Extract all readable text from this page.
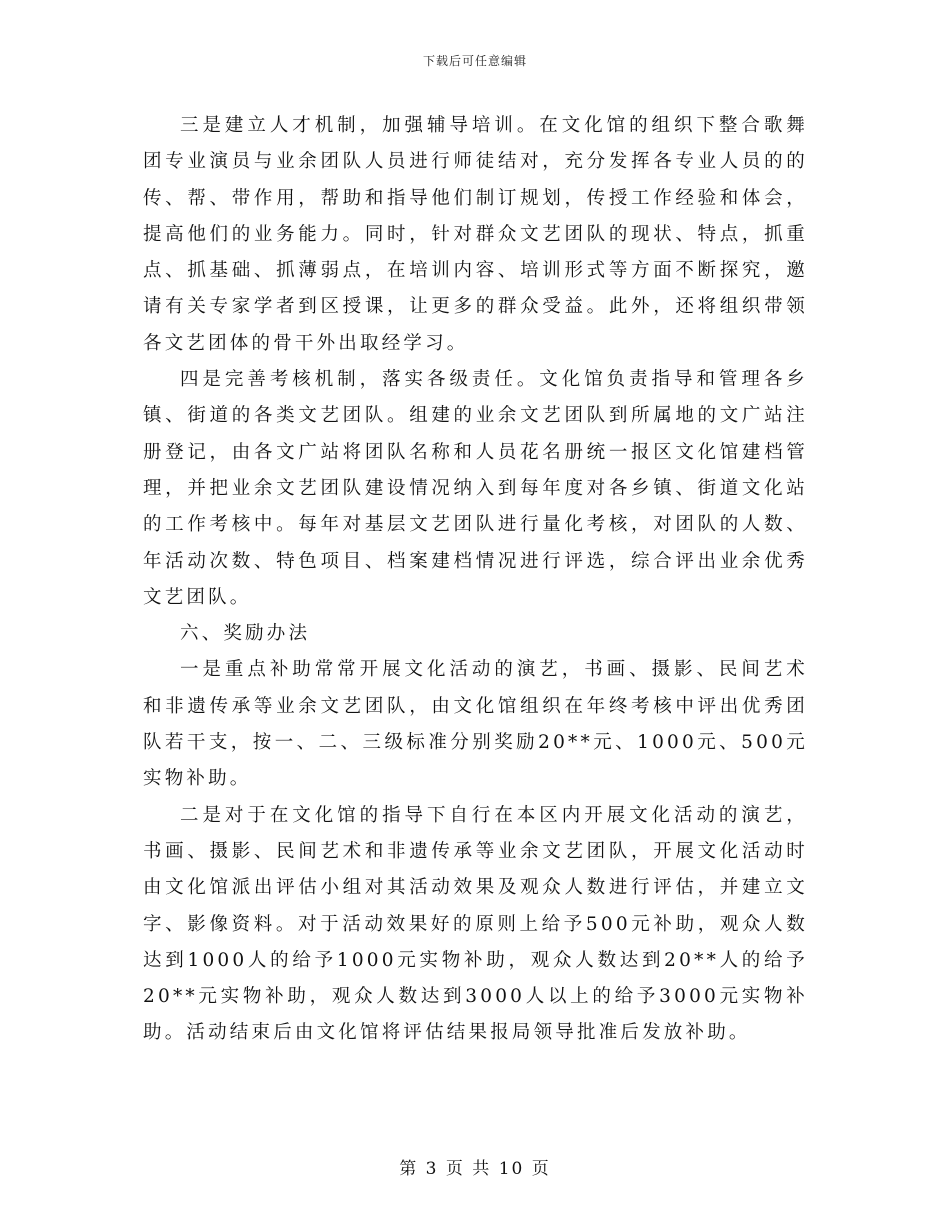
下载后可任意编辑

三是建立人才机制，加强辅导培训。在文化馆的组织下整合歌舞团专业演员与业余团队人员进行师徒结对，充分发挥各专业人员的的传、帮、带作用，帮助和指导他们制订规划，传授工作经验和体会，提高他们的业务能力。同时，针对群众文艺团队的现状、特点，抓重点、抓基础、抓薄弱点，在培训内容、培训形式等方面不断探究，邀请有关专家学者到区授课，让更多的群众受益。此外，还将组织带领各文艺团体的骨干外出取经学习。

四是完善考核机制，落实各级责任。文化馆负责指导和管理各乡镇、街道的各类文艺团队。组建的业余文艺团队到所属地的文广站注册登记，由各文广站将团队名称和人员花名册统一报区文化馆建档管理，并把业余文艺团队建设情况纳入到每年度对各乡镇、街道文化站的工作考核中。每年对基层文艺团队进行量化考核，对团队的人数、年活动次数、特色项目、档案建档情况进行评选，综合评出业余优秀文艺团队。

六、奖励办法

一是重点补助常常开展文化活动的演艺，书画、摄影、民间艺术和非遗传承等业余文艺团队，由文化馆组织在年终考核中评出优秀团队若干支，按一、二、三级标准分别奖励20**元、1000元、500元实物补助。

二是对于在文化馆的指导下自行在本区内开展文化活动的演艺，书画、摄影、民间艺术和非遗传承等业余文艺团队，开展文化活动时由文化馆派出评估小组对其活动效果及观众人数进行评估，并建立文字、影像资料。对于活动效果好的原则上给予500元补助，观众人数达到1000人的给予1000元实物补助，观众人数达到20**人的给予20**元实物补助，观众人数达到3000人以上的给予3000元实物补助。活动结束后由文化馆将评估结果报局领导批准后发放补助。

第 3 页 共 10 页
